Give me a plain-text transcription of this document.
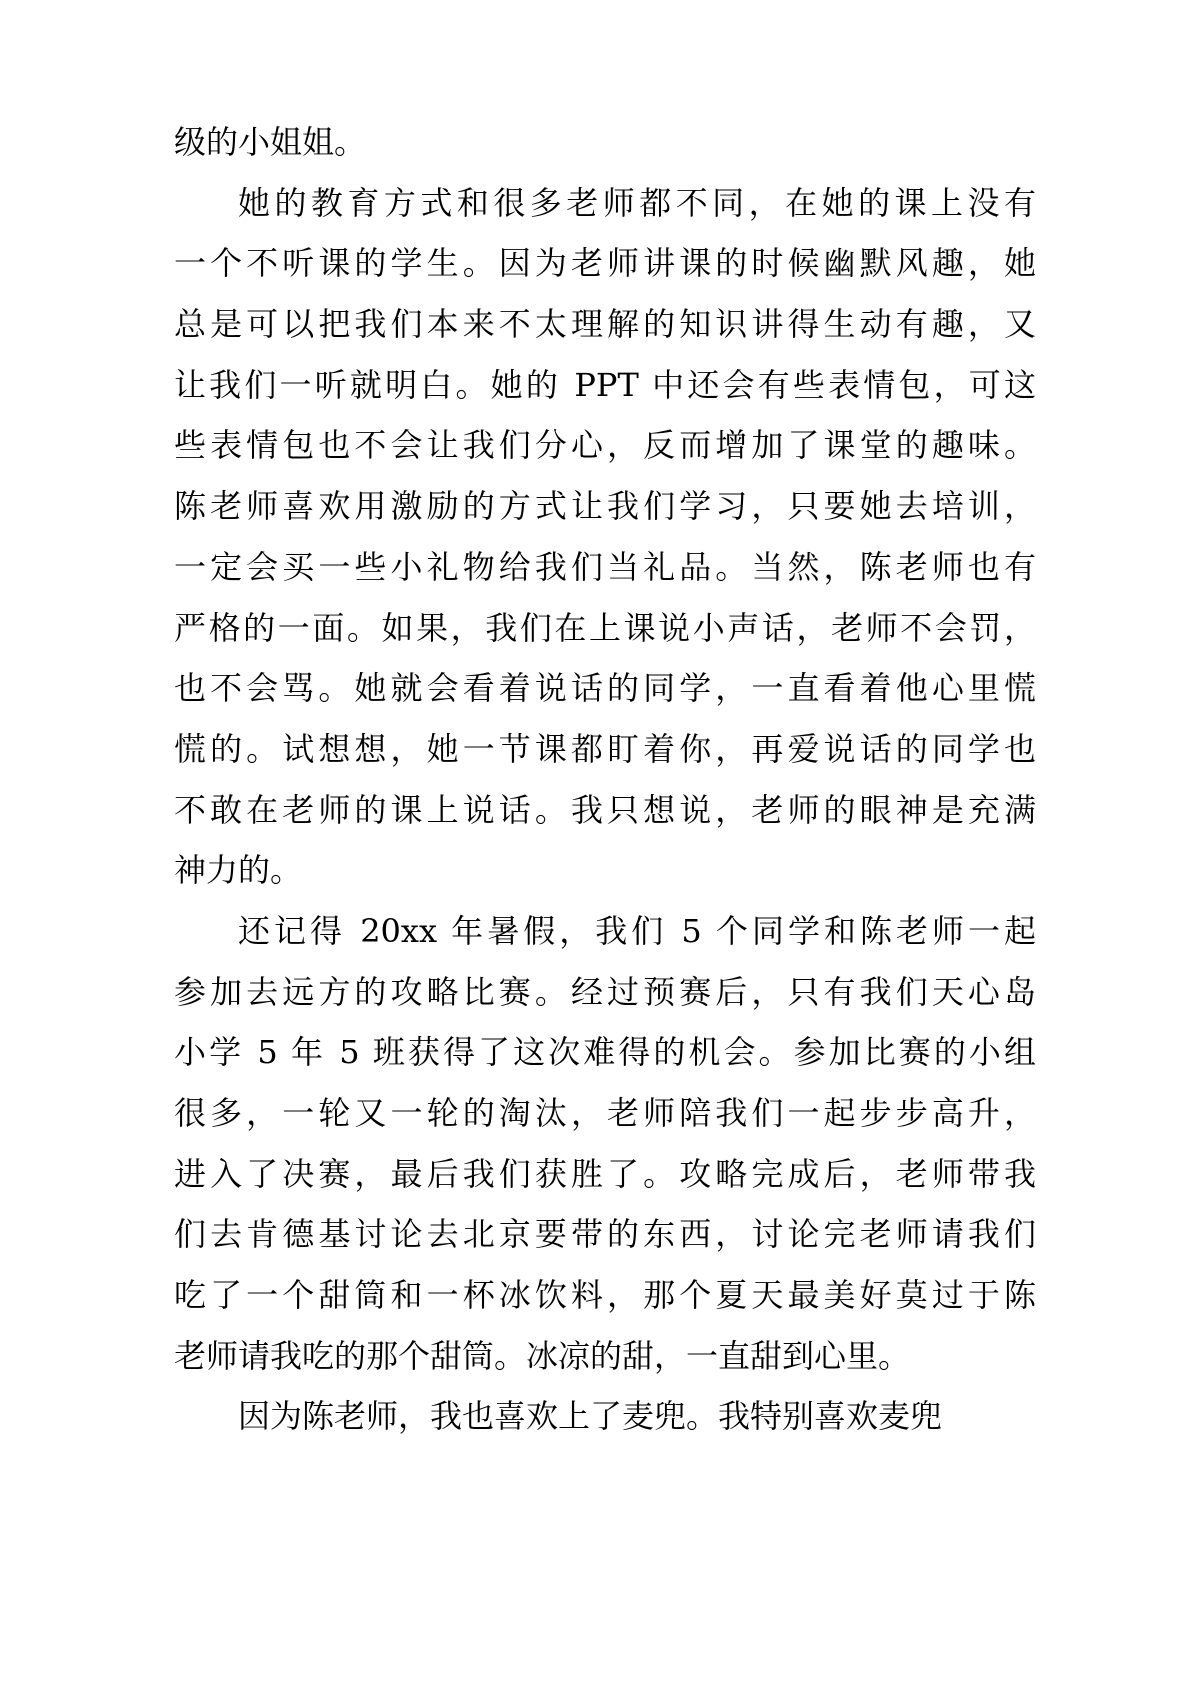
级的小姐姐。
她的教育方式和很多老师都不同，在她的课上没有
一个不听课的学生。因为老师讲课的时候幽默风趣，她
总是可以把我们本来不太理解的知识讲得生动有趣，又
让我们一听就明白。她的 PPT 中还会有些表情包，可这
些表情包也不会让我们分心，反而增加了课堂的趣味。
陈老师喜欢用激励的方式让我们学习，只要她去培训，
一定会买一些小礼物给我们当礼品。当然，陈老师也有
严格的一面。如果，我们在上课说小声话，老师不会罚，
也不会骂。她就会看着说话的同学，一直看着他心里慌
慌的。试想想，她一节课都盯着你，再爱说话的同学也
不敢在老师的课上说话。我只想说，老师的眼神是充满
神力的。
还记得 20xx 年暑假，我们 5 个同学和陈老师一起
参加去远方的攻略比赛。经过预赛后，只有我们天心岛
小学 5 年 5 班获得了这次难得的机会。参加比赛的小组
很多，一轮又一轮的淘汰，老师陪我们一起步步高升，
进入了决赛，最后我们获胜了。攻略完成后，老师带我
们去肯德基讨论去北京要带的东西，讨论完老师请我们
吃了一个甜筒和一杯冰饮料，那个夏天最美好莫过于陈
老师请我吃的那个甜筒。冰凉的甜，一直甜到心里。
因为陈老师，我也喜欢上了麦兜。我特别喜欢麦兜
